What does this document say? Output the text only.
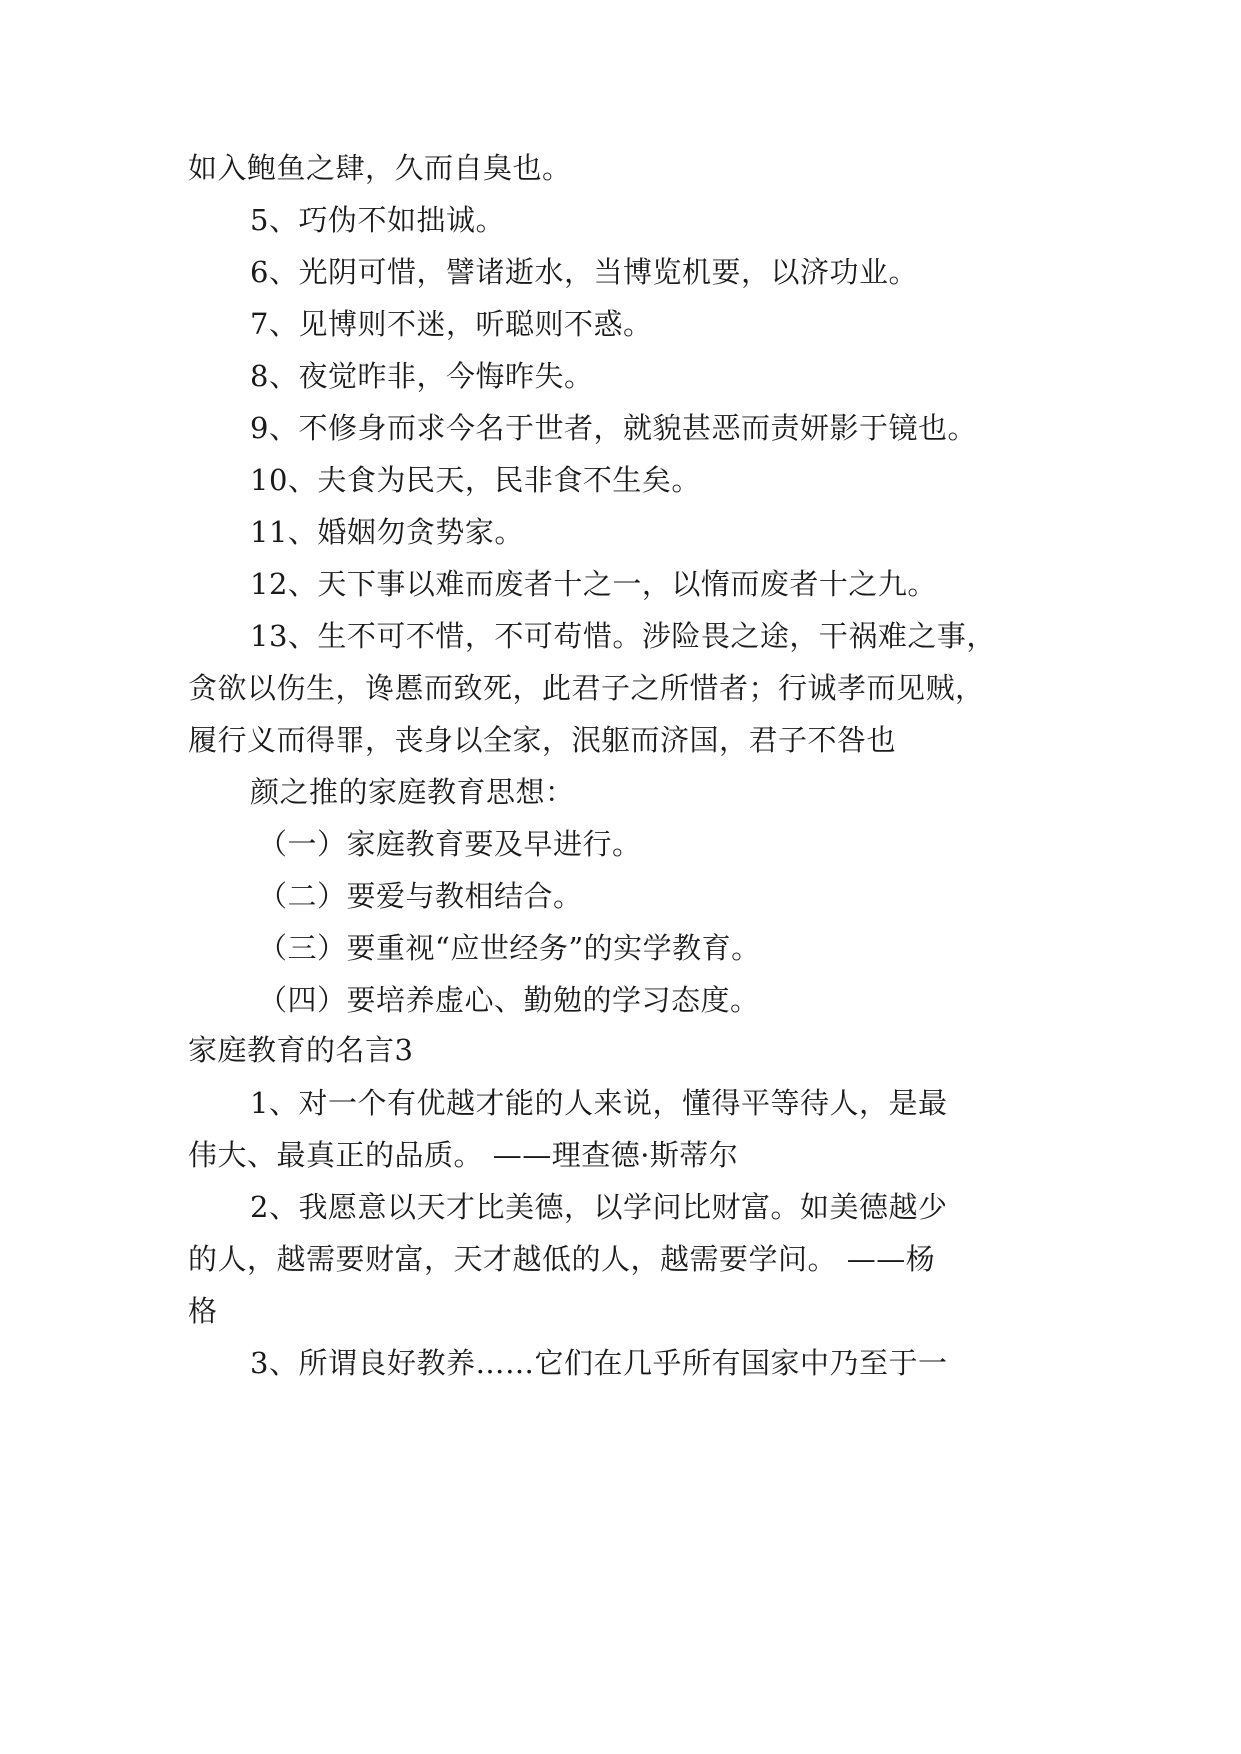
如入鲍鱼之肆，久而自臭也。
5、巧伪不如拙诚。
6、光阴可惜，譬诸逝水，当博览机要，以济功业。
7、见博则不迷，听聪则不惑。
8、夜觉昨非，今悔昨失。
9、不修身而求今名于世者，就貌甚恶而责妍影于镜也。
10、夫食为民天，民非食不生矣。
11、婚姻勿贪势家。
12、天下事以难而废者十之一，以惰而废者十之九。
13、生不可不惜，不可苟惜。涉险畏之途，干祸难之事，
贪欲以伤生，谗慝而致死，此君子之所惜者；行诚孝而见贼，
履行义而得罪，丧身以全家，泯躯而济国，君子不咎也
颜之推的家庭教育思想：
（一）家庭教育要及早进行。
（二）要爱与教相结合。
（三）要重视“应世经务”的实学教育。
（四）要培养虚心、勤勉的学习态度。
家庭教育的名言3
1、对一个有优越才能的人来说，懂得平等待人，是最
伟大、最真正的品质。 ——理查德·斯蒂尔
2、我愿意以天才比美德，以学问比财富。如美德越少
的人，越需要财富，天才越低的人，越需要学问。 ——杨
格
3、所谓良好教养……它们在几乎所有国家中乃至于一
